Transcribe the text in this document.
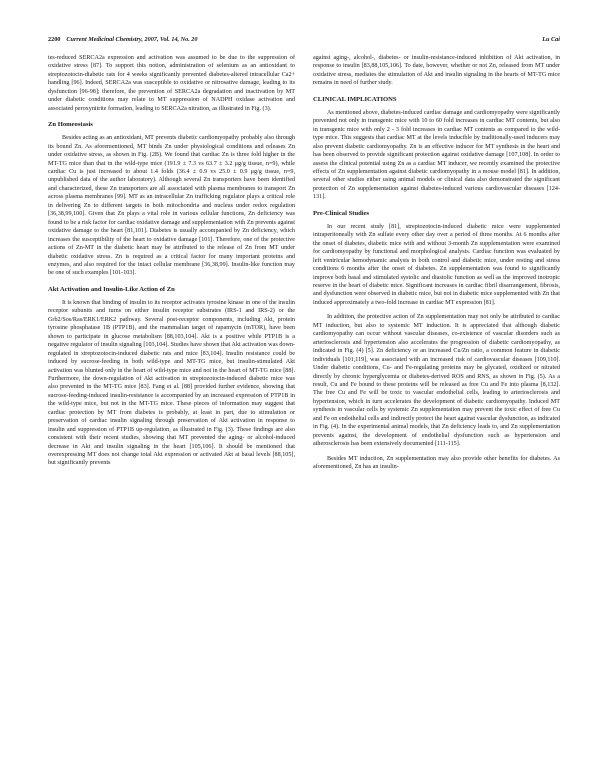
2200 Current Medicinal Chemistry, 2007, Vol. 14, No. 20	Lu Cai

tes-reduced SERCA2a expression and activation was assumed to be due to the suppression of oxidative stress [87]. To support this notion, administration of selenium as an antioxidant to streptozotocin-diabetic rats for 4 weeks significantly prevented diabetes-altered intracellular Ca2+ handling [96]. Indeed, SERCA2a was susceptible to oxidative or nitrosative damage, leading to its dysfunction [96-98]; therefore, the prevention of SERCA2a degradation and inactivation by MT under diabetic conditions may relate to MT suppression of NADPH oxidase activation and associated peroxynitrite formation, leading to SERCA2a nitration, as illustrated in Fig. (3).

Zn Homeostasis

Besides acting as an antioxidant, MT prevents diabetic cardiomyopathy probably also through its bound Zn. As aforementioned, MT binds Zn under physiological conditions and releases Zn under oxidative stress, as shown in Fig. (2B). We found that cardiac Zn is three fold higher in the MT-TG mice than that in the wild-type mice (191.9 ± 7.3 vs 63.7 ± 3.2 μg/g tissue, n=9), while cardiac Cu is just increased to about 1.4 folds (36.4 ± 0.9 vs 25.0 ± 0.9 μg/g tissue, n=9, unpublished data of the author laboratory). Although several Zn transporters have been identified and characterized, these Zn transporters are all associated with plasma membranes to transport Zn across plasma membranes [99]. MT as an intracellular Zn trafficking regulator plays a critical role in delivering Zn to different targets in both mitochondria and nucleus under redox regulation [36,38,99,100]. Given that Zn plays a vital role in various cellular functions, Zn deficiency was found to be a risk factor for cardiac oxidative damage and supplementation with Zn prevents against oxidative damage to the heart [81,101]. Diabetes is usually accompanied by Zn deficiency, which increases the susceptibility of the heart to oxidative damage [101]. Therefore, one of the protective actions of Zn-MT in the diabetic heart may be attributed to the release of Zn from MT under diabetic oxidative stress. Zn is required as a critical factor for many important proteins and enzymes, and also required for the intact cellular membrane [36,38,99]. Insulin-like function may be one of such examples [101-103].

Akt Activation and Insulin-Like Action of Zn

It is known that binding of insulin to its receptor activates tyrosine kinase in one of the insulin receptor subunits and turns on either insulin receptor substrates (IRS-1 and IRS-2) or the Grb2/Sos/Ras/ERK1/ERK2 pathway. Several post-receptor components, including Akt, protein tyrosine phosphatase 1B (PTP1B), and the mammalian target of rapamycin (mTOR), have been shown to participate in glucose metabolism [88,103,104]. Akt is a positive while PTP1B is a negative regulator of insulin signaling [103,104]. Studies have shown that Akt activation was down-regulated in streptozotocin-induced diabetic rats and mice [83,104]. Insulin resistance could be induced by sucrose-feeding in both wild-type and MT-TG mice, but insulin-stimulated Akt activation was blunted only in the heart of wild-type mice and not in the heart of MT-TG mice [88]. Furthermore, the down-regulation of Akt activation in streptozotocin-induced diabetic mice was also prevented in the MT-TG mice [83]. Fang et al. [88] provided further evidence, showing that sucrose-feeding-induced insulin-resistance is accompanied by an increased expression of PTP1B in the wild-type mice, but not in the MT-TG mice. These pieces of information may suggest that cardiac protection by MT from diabetes is probably, at least in part, due to stimulation or preservation of cardiac insulin signaling through preservation of Akt activation in response to insulin and suppression of PTP1B up-regulation, as illustrated in Fig. (3). These findings are also consistent with their recent studies, showing that MT prevented the aging- or alcohol-induced decrease in Akt and insulin signaling in the heart [105,106]. It should be mentioned that overexpressing MT does not change total Akt expression or activated Akt at basal levels [88,105], but significantly prevents

against aging-, alcohol-, diabetes- or insulin-resistance-induced inhibition of Akt activation, in response to insulin [83,88,105,106]. To date, however, whether or not Zn, released from MT under oxidative stress, mediates the stimulation of Akt and insulin signaling in the hearts of MT-TG mice remains in need of further study.

CLINICAL IMPLICATIONS

As mentioned above, diabetes-induced cardiac damage and cardiomyopathy were significantly prevented not only in transgenic mice with 10 to 60 fold increases in cardiac MT contents, but also in transgenic mice with only 2 - 3 fold increases in cardiac MT contents as compared to the wild-type mice. This suggests that cardiac MT at the levels inducible by traditionally-used inducers may also prevent diabetic cardiomyopathy. Zn is an effective inducer for MT synthesis in the heart and has been observed to provide significant protection against oxidative damage [107,108]. In order to assess the clinical potential using Zn as a cardiac MT inducer, we recently examined the protective effects of Zn supplementation against diabetic cardiomyopathy in a mouse model [81]. In addition, several other studies either using animal models or clinical data also demonstrated the significant protection of Zn supplementation against diabetes-induced various cardiovascular diseases [124-131].

Pre-Clinical Studies

In our recent study [81], streptozotocin-induced diabetic mice were supplemented intraperitoneally with Zn sulfate every other day over a period of three months. At 6 months after the onset of diabetes, diabetic mice with and without 3-month Zn supplementation were examined for cardiomyopathy by functional and morphological analysis. Cardiac function was evaluated by left ventricular hemodynamic analysis in both control and diabetic mice, under resting and stress conditions 6 months after the onset of diabetes. Zn supplementation was found to significantly improve both basal and stimulated systolic and diastolic function as well as the improved inotropic reserve in the heart of diabetic mice. Significant increases in cardiac fibril disarrangement, fibrosis, and dysfunction were observed in diabetic mice, but not in diabetic mice supplemented with Zn that induced approximately a two-fold increase in cardiac MT expression [81].

In addition, the protective action of Zn supplementation may not only be attributed to cardiac MT induction, but also to systemic MT induction. It is appreciated that although diabetic cardiomyopathy can occur without vascular diseases, co-existence of vascular disorders such as arteriosclerosis and hypertension also accelerates the progression of diabetic cardiomyopathy, as indicated in Fig. (4) [5]. Zn deficiency or an increased Cu/Zn ratio, a common feature in diabetic individuals [101,119], was associated with an increased risk of cardiovascular diseases [109,110]. Under diabetic conditions, Cu- and Fe-regulating proteins may be glycated, oxidized or nitrated directly by chronic hyperglycemia or diabetes-derived ROS and RNS, as shown in Fig. (5). As a result, Cu and Fe bound to these proteins will be released as free Cu and Fe into plasma [8,132]. The free Cu and Fe will be toxic to vascular endothelial cells, leading to arteriosclerosis and hypertension, which in turn accelerates the development of diabetic cardiomyopathy. Induced MT synthesis in vascular cells by systemic Zn supplementation may prevent the toxic effect of free Cu and Fe on endothelial cells and indirectly protect the heart against vascular dysfunction, as indicated in Fig. (4). In the experimental animal models, that Zn deficiency leads to, and Zn supplementation prevents against, the development of endothelial dysfunction such as hypertension and atherosclerosis has been extensively documented [111-115].

Besides MT induction, Zn supplementation may also provide other benefits for diabetes. As aforementioned, Zn has an insulin-
